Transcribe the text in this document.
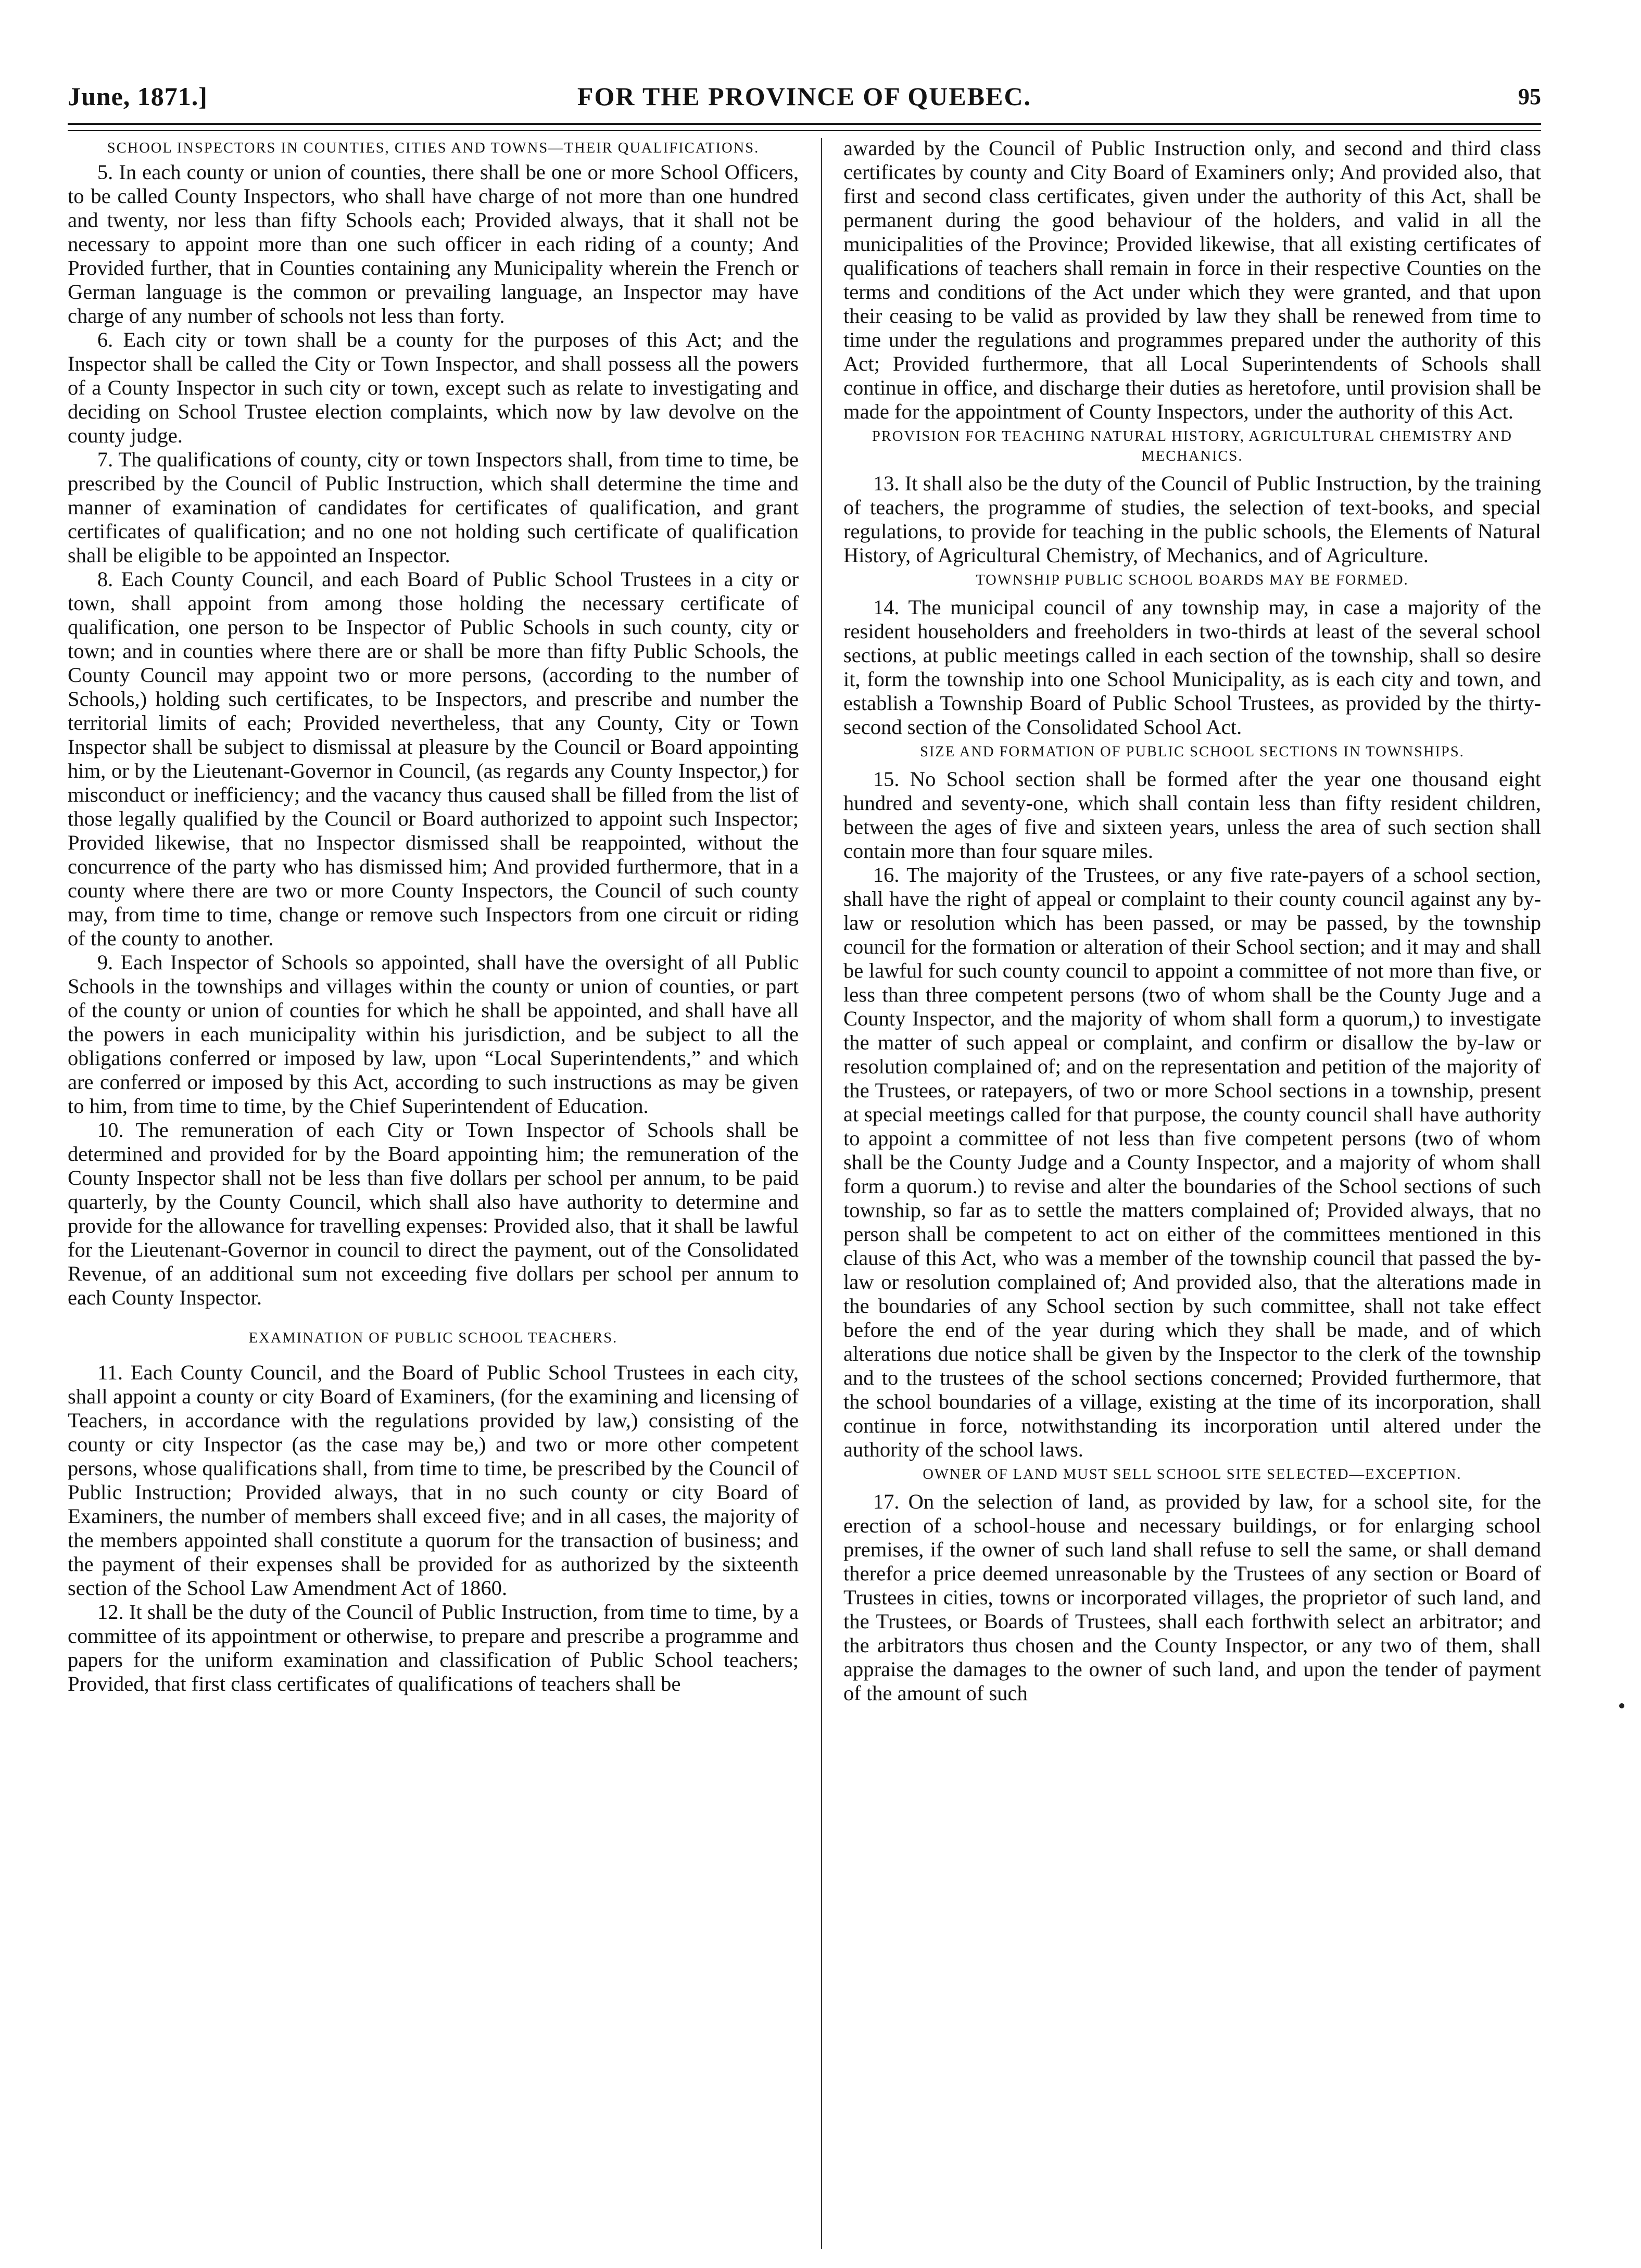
June, 1871.]	FOR THE PROVINCE OF QUEBEC.	95
SCHOOL INSPECTORS IN COUNTIES, CITIES AND TOWNS—THEIR QUALIFICATIONS.

5. In each county or union of counties, there shall be one or more School Officers, to be called County Inspectors, who shall have charge of not more than one hundred and twenty, nor less than fifty Schools each; Provided always, that it shall not be necessary to appoint more than one such officer in each riding of a county; And Provided further, that in Counties containing any Municipality wherein the French or German language is the common or prevailing language, an Inspector may have charge of any number of schools not less than forty.

6. Each city or town shall be a county for the purposes of this Act; and the Inspector shall be called the City or Town Inspector, and shall possess all the powers of a County Inspector in such city or town, except such as relate to investigating and deciding on School Trustee election complaints, which now by law devolve on the county judge.

7. The qualifications of county, city or town Inspectors shall, from time to time, be prescribed by the Council of Public Instruction, which shall determine the time and manner of examination of candidates for certificates of qualification, and grant certificates of qualification; and no one not holding such certificate of qualification shall be eligible to be appointed an Inspector.

8. Each County Council, and each Board of Public School Trustees in a city or town, shall appoint from among those holding the necessary certificate of qualification, one person to be Inspector of Public Schools in such county, city or town; and in counties where there are or shall be more than fifty Public Schools, the County Council may appoint two or more persons, (according to the number of Schools,) holding such certificates, to be Inspectors, and prescribe and number the territorial limits of each; Provided nevertheless, that any County, City or Town Inspector shall be subject to dismissal at pleasure by the Council or Board appointing him, or by the Lieutenant-Governor in Council, (as regards any County Inspector,) for misconduct or inefficiency; and the vacancy thus caused shall be filled from the list of those legally qualified by the Council or Board authorized to appoint such Inspector; Provided likewise, that no Inspector dismissed shall be reappointed, without the concurrence of the party who has dismissed him; And provided furthermore, that in a county where there are two or more County Inspectors, the Council of such county may, from time to time, change or remove such Inspectors from one circuit or riding of the county to another.

9. Each Inspector of Schools so appointed, shall have the oversight of all Public Schools in the townships and villages within the county or union of counties, or part of the county or union of counties for which he shall be appointed, and shall have all the powers in each municipality within his jurisdiction, and be subject to all the obligations conferred or imposed by law, upon “Local Superintendents,” and which are conferred or imposed by this Act, according to such instructions as may be given to him, from time to time, by the Chief Superintendent of Education.

10. The remuneration of each City or Town Inspector of Schools shall be determined and provided for by the Board appointing him; the remuneration of the County Inspector shall not be less than five dollars per school per annum, to be paid quarterly, by the County Council, which shall also have authority to determine and provide for the allowance for travelling expenses: Provided also, that it shall be lawful for the Lieutenant-Governor in council to direct the payment, out of the Consolidated Revenue, of an additional sum not exceeding five dollars per school per annum to each County Inspector.

EXAMINATION OF PUBLIC SCHOOL TEACHERS.

11. Each County Council, and the Board of Public School Trustees in each city, shall appoint a county or city Board of Examiners, (for the examining and licensing of Teachers, in accordance with the regulations provided by law,) consisting of the county or city Inspector (as the case may be,) and two or more other competent persons, whose qualifications shall, from time to time, be prescribed by the Council of Public Instruction; Provided always, that in no such county or city Board of Examiners, the number of members shall exceed five; and in all cases, the majority of the members appointed shall constitute a quorum for the transaction of business; and the payment of their expenses shall be provided for as authorized by the sixteenth section of the School Law Amendment Act of 1860.

12. It shall be the duty of the Council of Public Instruction, from time to time, by a committee of its appointment or otherwise, to prepare and prescribe a programme and papers for the uniform examination and classification of Public School teachers; Provided, that first class certificates of qualifications of teachers shall be

awarded by the Council of Public Instruction only, and second and third class certificates by county and City Board of Examiners only; And provided also, that first and second class certificates, given under the authority of this Act, shall be permanent during the good behaviour of the holders, and valid in all the municipalities of the Province; Provided likewise, that all existing certificates of qualifications of teachers shall remain in force in their respective Counties on the terms and conditions of the Act under which they were granted, and that upon their ceasing to be valid as provided by law they shall be renewed from time to time under the regulations and programmes prepared under the authority of this Act; Provided furthermore, that all Local Superintendents of Schools shall continue in office, and discharge their duties as heretofore, until provision shall be made for the appointment of County Inspectors, under the authority of this Act.

PROVISION FOR TEACHING NATURAL HISTORY, AGRICULTURAL CHEMISTRY AND MECHANICS.

13. It shall also be the duty of the Council of Public Instruction, by the training of teachers, the programme of studies, the selection of text-books, and special regulations, to provide for teaching in the public schools, the Elements of Natural History, of Agricultural Chemistry, of Mechanics, and of Agriculture.

TOWNSHIP PUBLIC SCHOOL BOARDS MAY BE FORMED.

14. The municipal council of any township may, in case a majority of the resident householders and freeholders in two-thirds at least of the several school sections, at public meetings called in each section of the township, shall so desire it, form the township into one School Municipality, as is each city and town, and establish a Township Board of Public School Trustees, as provided by the thirty-second section of the Consolidated School Act.

SIZE AND FORMATION OF PUBLIC SCHOOL SECTIONS IN TOWNSHIPS.

15. No School section shall be formed after the year one thousand eight hundred and seventy-one, which shall contain less than fifty resident children, between the ages of five and sixteen years, unless the area of such section shall contain more than four square miles.

16. The majority of the Trustees, or any five rate-payers of a school section, shall have the right of appeal or complaint to their county council against any by-law or resolution which has been passed, or may be passed, by the township council for the formation or alteration of their School section; and it may and shall be lawful for such county council to appoint a committee of not more than five, or less than three competent persons (two of whom shall be the County Juge and a County Inspector, and the majority of whom shall form a quorum,) to investigate the matter of such appeal or complaint, and confirm or disallow the by-law or resolution complained of; and on the representation and petition of the majority of the Trustees, or ratepayers, of two or more School sections in a township, present at special meetings called for that purpose, the county council shall have authority to appoint a committee of not less than five competent persons (two of whom shall be the County Judge and a County Inspector, and a majority of whom shall form a quorum.) to revise and alter the boundaries of the School sections of such township, so far as to settle the matters complained of; Provided always, that no person shall be competent to act on either of the committees mentioned in this clause of this Act, who was a member of the township council that passed the by-law or resolution complained of; And provided also, that the alterations made in the boundaries of any School section by such committee, shall not take effect before the end of the year during which they shall be made, and of which alterations due notice shall be given by the Inspector to the clerk of the township and to the trustees of the school sections concerned; Provided furthermore, that the school boundaries of a village, existing at the time of its incorporation, shall continue in force, notwithstanding its incorporation until altered under the authority of the school laws.

OWNER OF LAND MUST SELL SCHOOL SITE SELECTED—EXCEPTION.

17. On the selection of land, as provided by law, for a school site, for the erection of a school-house and necessary buildings, or for enlarging school premises, if the owner of such land shall refuse to sell the same, or shall demand therefor a price deemed unreasonable by the Trustees of any section or Board of Trustees in cities, towns or incorporated villages, the proprietor of such land, and the Trustees, or Boards of Trustees, shall each forthwith select an arbitrator; and the arbitrators thus chosen and the County Inspector, or any two of them, shall appraise the damages to the owner of such land, and upon the tender of payment of the amount of such
